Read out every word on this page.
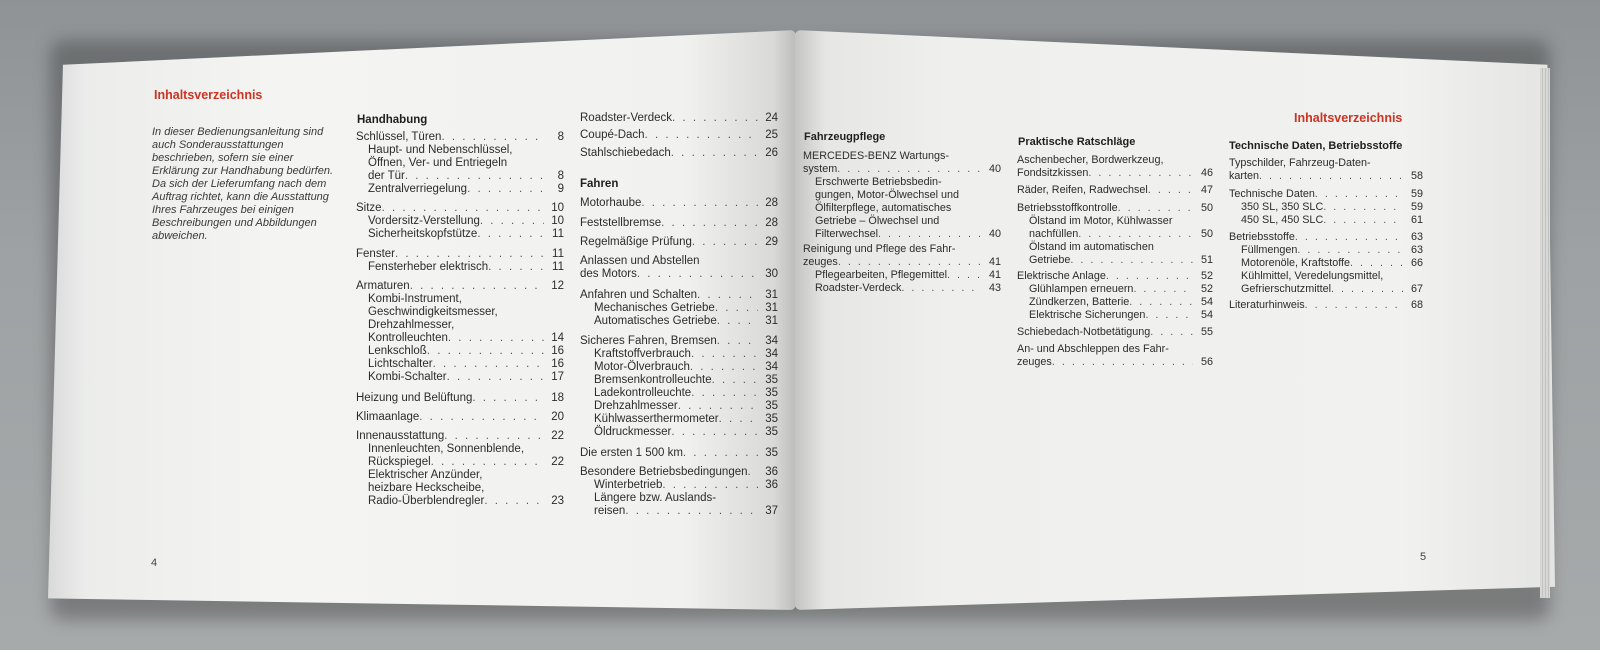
Inhaltsverzeichnis
In dieser Bedienungsanleitung sind auch Sonderausstattungen beschrieben, sofern sie einer Erklärung zur Handhabung bedürfen. Da sich der Lieferumfang nach dem Auftrag richtet, kann die Ausstattung Ihres Fahrzeuges bei einigen Beschreibungen und Abbildungen abweichen.
Handhabung
Schlüssel, Türen . . .	8
Haupt- und Nebenschlüssel,
Öffnen, Ver- und Entriegeln
der Tür . . .	8
Zentralverriegelung . . .	9
Sitze . . .	10
Vordersitz-Verstellung . . .	10
Sicherheitskopfstütze . . .	11
Fenster . . .	11
Fensterheber elektrisch . . .	11
Armaturen . . .	12
Kombi-Instrument,
Geschwindigkeitsmesser,
Drehzahlmesser,
Kontrolleuchten . . .	14
Lenkschloß . . .	16
Lichtschalter . . .	16
Kombi-Schalter . . .	17
Heizung und Belüftung . . .	18
Klimaanlage . . .	20
Innenausstattung . . .	22
Innenleuchten, Sonnenblende,
Rückspiegel . . .	22
Elektrischer Anzünder,
heizbare Heckscheibe,
Radio-Überblendregler . . .	23
Roadster-Verdeck . . .	24
Coupé-Dach . . .	25
Stahlschiebedach . . .	26
Fahren
Motorhaube . . .	28
Feststellbremse . . .	28
Regelmäßige Prüfung . . .	29
Anlassen und Abstellen
des Motors . . .	30
Anfahren und Schalten . . .	31
Mechanisches Getriebe . . .	31
Automatisches Getriebe . . .	31
Sicheres Fahren, Bremsen . . .	34
Kraftstoffverbrauch . . .	34
Motor-Ölverbrauch . . .	34
Bremsenkontrolleuchte . . .	35
Ladekontrolleuchte . . .	35
Drehzahlmesser . . .	35
Kühlwasserthermometer . . .	35
Öldruckmesser . . .	35
Die ersten 1 500 km . . .	35
Besondere Betriebsbedingungen . . .	36
Winterbetrieb . . .	36
Längere bzw. Auslands-
reisen . . .	37
4
Inhaltsverzeichnis
Fahrzeugpflege	Praktische Ratschläge	Technische Daten, Betriebsstoffe
MERCEDES-BENZ Wartungs-
system . . .	40
Erschwerte Betriebsbedin-
gungen, Motor-Ölwechsel und
Ölfilterpflege, automatisches
Getriebe – Ölwechsel und
Filterwechsel . . .	40
Reinigung und Pflege des Fahr-
zeuges . . .	41
Pflegearbeiten, Pflegemittel . . .	41
Roadster-Verdeck . . .	43
Aschenbecher, Bordwerkzeug,
Fondsitzkissen . . .	46
Räder, Reifen, Radwechsel . . .	47
Betriebsstoffkontrolle . . .	50
Ölstand im Motor, Kühlwasser
nachfüllen . . .	50
Ölstand im automatischen
Getriebe . . .	51
Elektrische Anlage . . .	52
Glühlampen erneuern . . .	52
Zündkerzen, Batterie . . .	54
Elektrische Sicherungen . . .	54
Schiebedach-Notbetätigung . . .	55
An- und Abschleppen des Fahr-
zeuges . . .	56
Typschilder, Fahrzeug-Daten-
karten . . .	58
Technische Daten . . .	59
350 SL, 350 SLC . . .	59
450 SL, 450 SLC . . .	61
Betriebsstoffe . . .	63
Füllmengen . . .	63
Motorenöle, Kraftstoffe . . .	66
Kühlmittel, Veredelungsmittel,
Gefrierschutzmittel . . .	67
Literaturhinweis . . .	68
5
